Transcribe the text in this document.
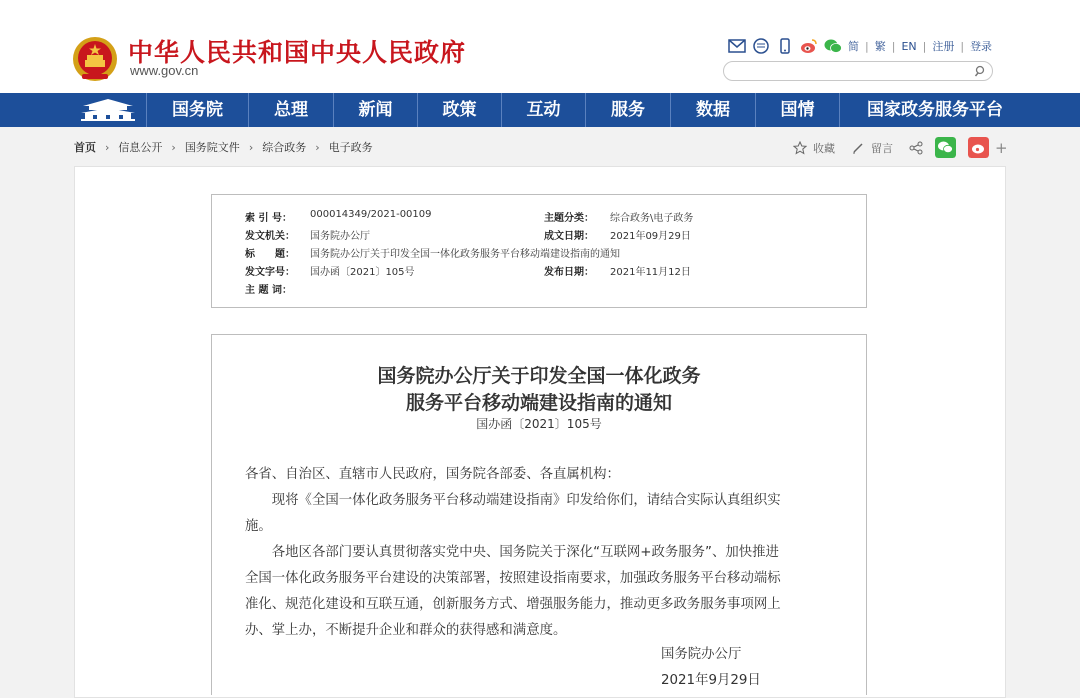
中华人民共和国中央人民政府
www.gov.cn
简 | 繁 | EN | 注册 | 登录
国务院	总理	新闻	政策	互动	服务	数据	国情	国家政务服务平台
首页 › 信息公开 › 国务院文件 › 综合政务 › 电子政务	收藏	留言	+
索 引 号： 000014349/2021-00109	主题分类： 综合政务\电子政务
发文机关： 国务院办公厅	成文日期： 2021年09月29日
标　　题： 国务院办公厅关于印发全国一体化政务服务平台移动端建设指南的通知
发文字号： 国办函〔2021〕105号	发布日期： 2021年11月12日
主 题 词：
国务院办公厅关于印发全国一体化政务
服务平台移动端建设指南的通知
国办函〔2021〕105号
各省、自治区、直辖市人民政府，国务院各部委、各直属机构：
　　现将《全国一体化政务服务平台移动端建设指南》印发给你们，请结合实际认真组织实
施。
　　各地区各部门要认真贯彻落实党中央、国务院关于深化“互联网+政务服务”、加快推进
全国一体化政务服务平台建设的决策部署，按照建设指南要求，加强政务服务平台移动端标
准化、规范化建设和互联互通，创新服务方式、增强服务能力，推动更多政务服务事项网上
办、掌上办，不断提升企业和群众的获得感和满意度。
国务院办公厅
2021年9月29日
